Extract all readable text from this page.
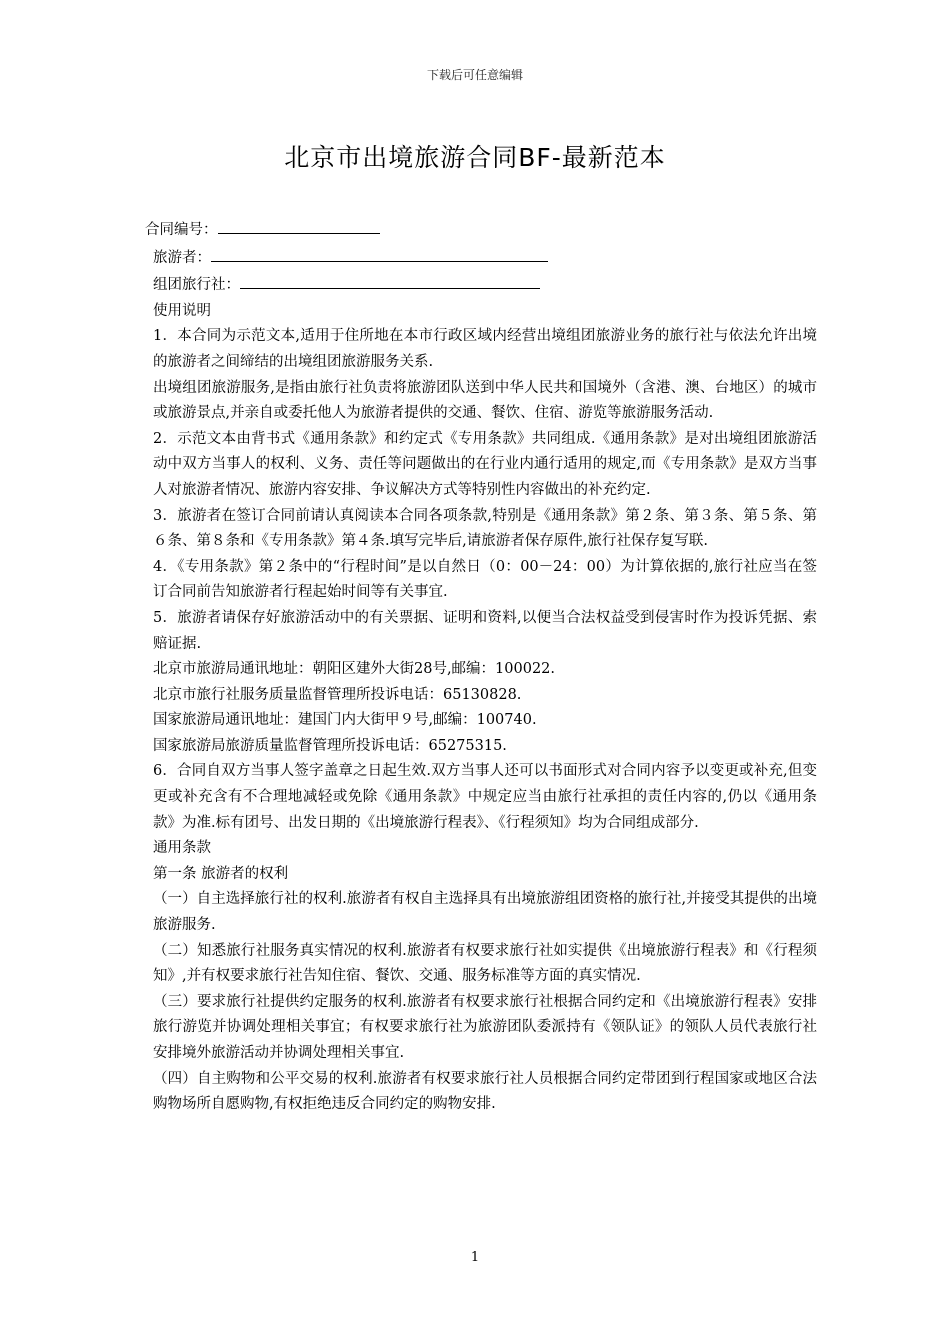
下载后可任意编辑
北京市出境旅游合同BF-最新范本
合同编号：
旅游者：
组团旅行社：

使用说明

1．本合同为示范文本,适用于住所地在本市行政区域内经营出境组团旅游业务的旅行社与依法允许出境的旅游者之间缔结的出境组团旅游服务关系.

出境组团旅游服务,是指由旅行社负责将旅游团队送到中华人民共和国境外（含港、澳、台地区）的城市或旅游景点,并亲自或委托他人为旅游者提供的交通、餐饮、住宿、游览等旅游服务活动.

2．示范文本由背书式《通用条款》和约定式《专用条款》共同组成.《通用条款》是对出境组团旅游活动中双方当事人的权利、义务、责任等问题做出的在行业内通行适用的规定,而《专用条款》是双方当事人对旅游者情况、旅游内容安排、争议解决方式等特别性内容做出的补充约定.

3．旅游者在签订合同前请认真阅读本合同各项条款,特别是《通用条款》第２条、第３条、第５条、第６条、第８条和《专用条款》第４条.填写完毕后,请旅游者保存原件,旅行社保存复写联.

4．《专用条款》第２条中的“行程时间”是以自然日（0：00－24：00）为计算依据的,旅行社应当在签订合同前告知旅游者行程起始时间等有关事宜.

5．旅游者请保存好旅游活动中的有关票据、证明和资料,以便当合法权益受到侵害时作为投诉凭据、索赔证据.

北京市旅游局通讯地址：朝阳区建外大街28号,邮编：100022.

北京市旅行社服务质量监督管理所投诉电话：65130828.

国家旅游局通讯地址：建国门内大街甲９号,邮编：100740.

国家旅游局旅游质量监督管理所投诉电话：65275315.

6．合同自双方当事人签字盖章之日起生效.双方当事人还可以书面形式对合同内容予以变更或补充,但变更或补充含有不合理地减轻或免除《通用条款》中规定应当由旅行社承担的责任内容的,仍以《通用条款》为准.标有团号、出发日期的《出境旅游行程表》、《行程须知》均为合同组成部分.

通用条款

第一条 旅游者的权利

（一）自主选择旅行社的权利.旅游者有权自主选择具有出境旅游组团资格的旅行社,并接受其提供的出境旅游服务.

（二）知悉旅行社服务真实情况的权利.旅游者有权要求旅行社如实提供《出境旅游行程表》和《行程须知》,并有权要求旅行社告知住宿、餐饮、交通、服务标准等方面的真实情况.

（三）要求旅行社提供约定服务的权利.旅游者有权要求旅行社根据合同约定和《出境旅游行程表》安排旅行游览并协调处理相关事宜；有权要求旅行社为旅游团队委派持有《领队证》的领队人员代表旅行社安排境外旅游活动并协调处理相关事宜.

（四）自主购物和公平交易的权利.旅游者有权要求旅行社人员根据合同约定带团到行程国家或地区合法购物场所自愿购物,有权拒绝违反合同约定的购物安排.

1
